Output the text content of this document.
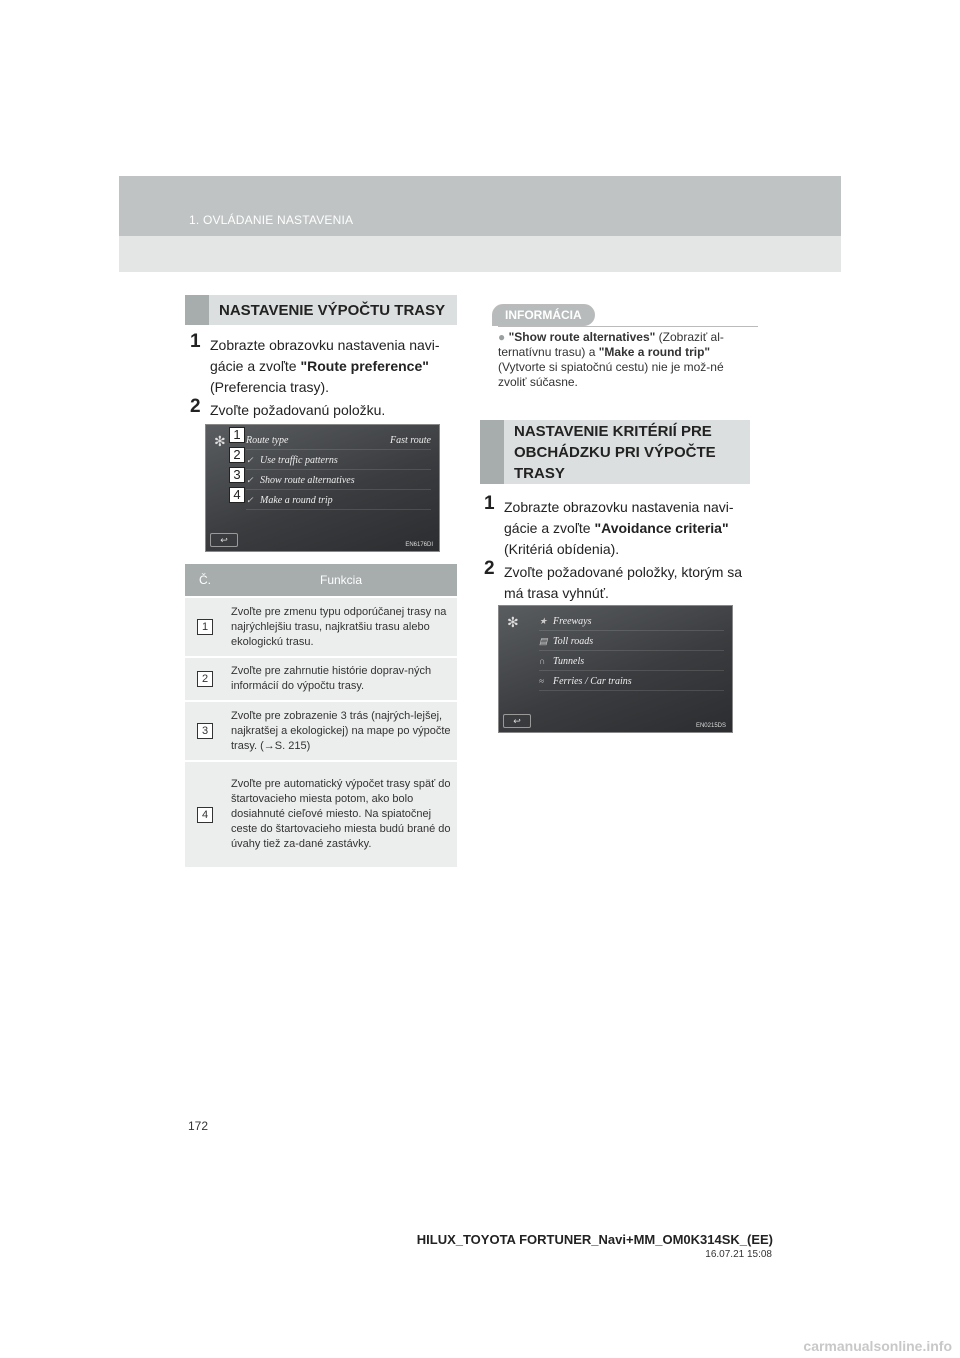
1. OVLÁDANIE NASTAVENIA
NASTAVENIE VÝPOČTU TRASY
1 Zobrazte obrazovku nastavenia navi-gácie a zvoľte "Route preference" (Preferencia trasy).
2 Zvoľte požadovanú položku.
✻ Route type	Fast route
✓ Use traffic patterns
✓ Show route alternatives
✓ Make a round trip
↩	EN6176DI
1
2
3
4
Č.	Funkcia
1	Zvoľte pre zmenu typu odporúčanej trasy na najrýchlejšiu trasu, najkratšiu trasu alebo ekologickú trasu.
2	Zvoľte pre zahrnutie histórie doprav-ných informácií do výpočtu trasy.
3	Zvoľte pre zobrazenie 3 trás (najrých-lejšej, najkratšej a ekologickej) na mape po výpočte trasy. (→S. 215)
4	Zvoľte pre automatický výpočet trasy späť do štartovacieho miesta potom, ako bolo dosiahnuté cieľové miesto. Na spiatočnej ceste do štartovacieho miesta budú brané do úvahy tiež za-dané zastávky.
INFORMÁCIA
● "Show route alternatives" (Zobraziť al-ternatívnu trasu) a "Make a round trip" (Vytvorte si spiatočnú cestu) nie je mož-né zvoliť súčasne.
NASTAVENIE KRITÉRIÍ PRE OBCHÁDZKU PRI VÝPOČTE TRASY
1 Zobrazte obrazovku nastavenia navi-gácie a zvoľte "Avoidance criteria" (Kritériá obídenia).
2 Zvoľte požadované položky, ktorým sa má trasa vyhnúť.
✻ ★ Freeways
▤ Toll roads
∩ Tunnels
≈ Ferries / Car trains
↩	EN0215DS
172
HILUX_TOYOTA FORTUNER_Navi+MM_OM0K314SK_(EE)
16.07.21 15:08
carmanualsonline.info
